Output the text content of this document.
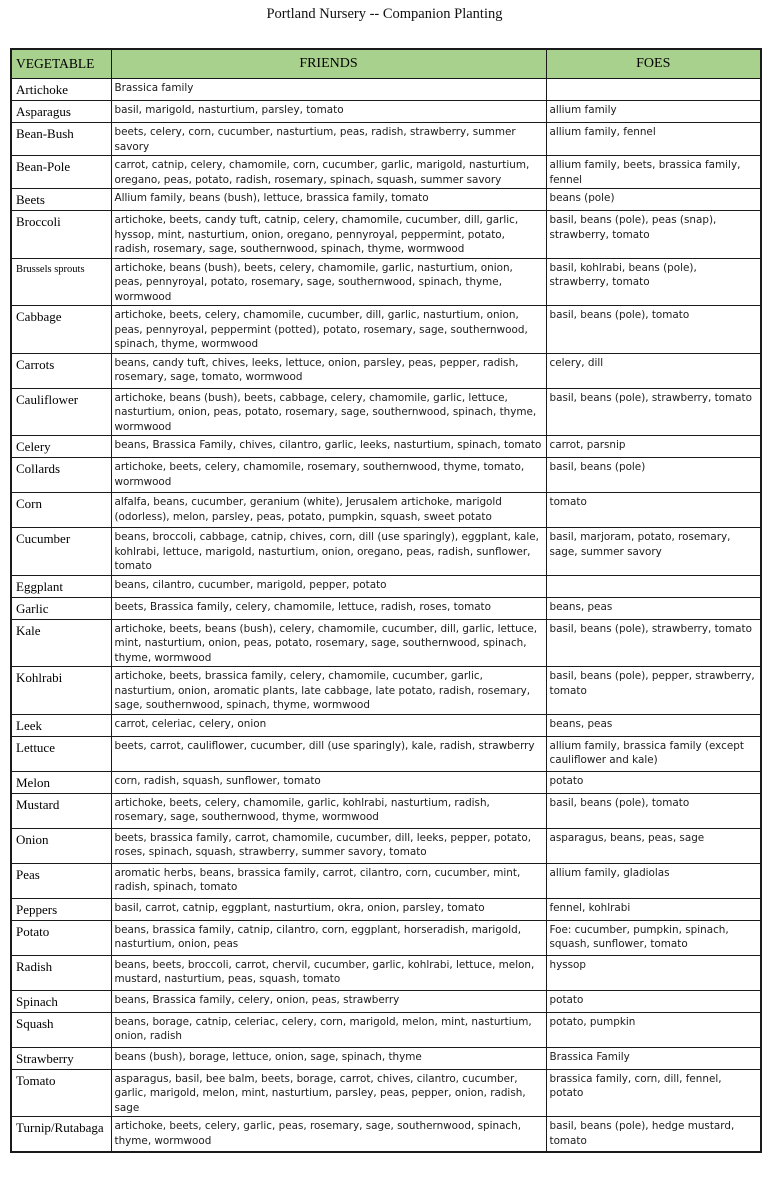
Portland Nursery -- Companion Planting
VEGETABLE	FRIENDS	FOES
Artichoke	Brassica family	
Asparagus	basil, marigold, nasturtium, parsley, tomato	allium family
Bean-Bush	beets, celery, corn, cucumber, nasturtium, peas, radish, strawberry, summer savory	allium family, fennel
Bean-Pole	carrot, catnip, celery, chamomile, corn, cucumber, garlic, marigold, nasturtium, oregano, peas, potato, radish, rosemary, spinach, squash, summer savory	allium family, beets, brassica family, fennel
Beets	Allium family, beans (bush), lettuce, brassica family, tomato	beans (pole)
Broccoli	artichoke, beets, candy tuft, catnip, celery, chamomile, cucumber, dill, garlic, hyssop, mint, nasturtium, onion, oregano, pennyroyal, peppermint, potato, radish, rosemary, sage, southernwood, spinach, thyme, wormwood	basil, beans (pole), peas (snap), strawberry, tomato
Brussels sprouts	artichoke, beans (bush), beets, celery, chamomile, garlic, nasturtium, onion, peas, pennyroyal, potato, rosemary, sage, southernwood, spinach, thyme, wormwood	basil, kohlrabi, beans (pole), strawberry, tomato
Cabbage	artichoke, beets, celery, chamomile, cucumber, dill, garlic, nasturtium, onion, peas, pennyroyal, peppermint (potted), potato, rosemary, sage, southernwood, spinach, thyme, wormwood	basil, beans (pole), tomato
Carrots	beans, candy tuft, chives, leeks, lettuce, onion, parsley, peas, pepper, radish, rosemary, sage, tomato, wormwood	celery, dill
Cauliflower	artichoke, beans (bush), beets, cabbage, celery, chamomile, garlic, lettuce, nasturtium, onion, peas, potato, rosemary, sage, southernwood, spinach, thyme, wormwood	basil, beans (pole), strawberry, tomato
Celery	beans, Brassica Family, chives, cilantro, garlic, leeks, nasturtium, spinach, tomato	carrot, parsnip
Collards	artichoke, beets, celery, chamomile, rosemary, southernwood, thyme, tomato, wormwood	basil, beans (pole)
Corn	alfalfa, beans, cucumber, geranium (white), Jerusalem artichoke, marigold (odorless), melon, parsley, peas, potato, pumpkin, squash, sweet potato	tomato
Cucumber	beans, broccoli, cabbage, catnip, chives, corn, dill (use sparingly), eggplant, kale, kohlrabi, lettuce, marigold, nasturtium, onion, oregano, peas, radish, sunflower, tomato	basil, marjoram, potato, rosemary, sage, summer savory
Eggplant	beans, cilantro, cucumber, marigold, pepper, potato	
Garlic	beets, Brassica family, celery, chamomile, lettuce, radish, roses, tomato	beans, peas
Kale	artichoke, beets, beans (bush), celery, chamomile, cucumber, dill, garlic, lettuce, mint, nasturtium, onion, peas, potato, rosemary, sage, southernwood, spinach, thyme, wormwood	basil, beans (pole), strawberry, tomato
Kohlrabi	artichoke, beets, brassica family, celery, chamomile, cucumber, garlic, nasturtium, onion, aromatic plants, late cabbage, late potato, radish, rosemary, sage, southernwood, spinach, thyme, wormwood	basil, beans (pole), pepper, strawberry, tomato
Leek	carrot, celeriac, celery, onion	beans, peas
Lettuce	beets, carrot, cauliflower, cucumber, dill (use sparingly), kale, radish, strawberry	allium family, brassica family (except cauliflower and kale)
Melon	corn, radish, squash, sunflower, tomato	potato
Mustard	artichoke, beets, celery, chamomile, garlic, kohlrabi, nasturtium, radish, rosemary, sage, southernwood, thyme, wormwood	basil, beans (pole), tomato
Onion	beets, brassica family, carrot, chamomile, cucumber, dill, leeks, pepper, potato, roses, spinach, squash, strawberry, summer savory, tomato	asparagus, beans, peas, sage
Peas	aromatic herbs, beans, brassica family, carrot, cilantro, corn, cucumber, mint, radish, spinach, tomato	allium family, gladiolas
Peppers	basil, carrot, catnip, eggplant, nasturtium, okra, onion, parsley, tomato	fennel, kohlrabi
Potato	beans, brassica family, catnip, cilantro, corn, eggplant, horseradish, marigold, nasturtium, onion, peas	Foe: cucumber, pumpkin, spinach, squash, sunflower, tomato
Radish	beans, beets, broccoli, carrot, chervil, cucumber, garlic, kohlrabi, lettuce, melon, mustard, nasturtium, peas, squash, tomato	hyssop
Spinach	beans, Brassica family, celery, onion, peas, strawberry	potato
Squash	beans, borage, catnip, celeriac, celery, corn, marigold, melon, mint, nasturtium, onion, radish	potato, pumpkin
Strawberry	beans (bush), borage, lettuce, onion, sage, spinach, thyme	Brassica Family
Tomato	asparagus, basil, bee balm, beets, borage, carrot, chives, cilantro, cucumber, garlic, marigold, melon, mint, nasturtium, parsley, peas, pepper, onion, radish, sage	brassica family, corn, dill, fennel, potato
Turnip/Rutabaga	artichoke, beets, celery, garlic, peas, rosemary, sage, southernwood, spinach, thyme, wormwood	basil, beans (pole), hedge mustard, tomato
